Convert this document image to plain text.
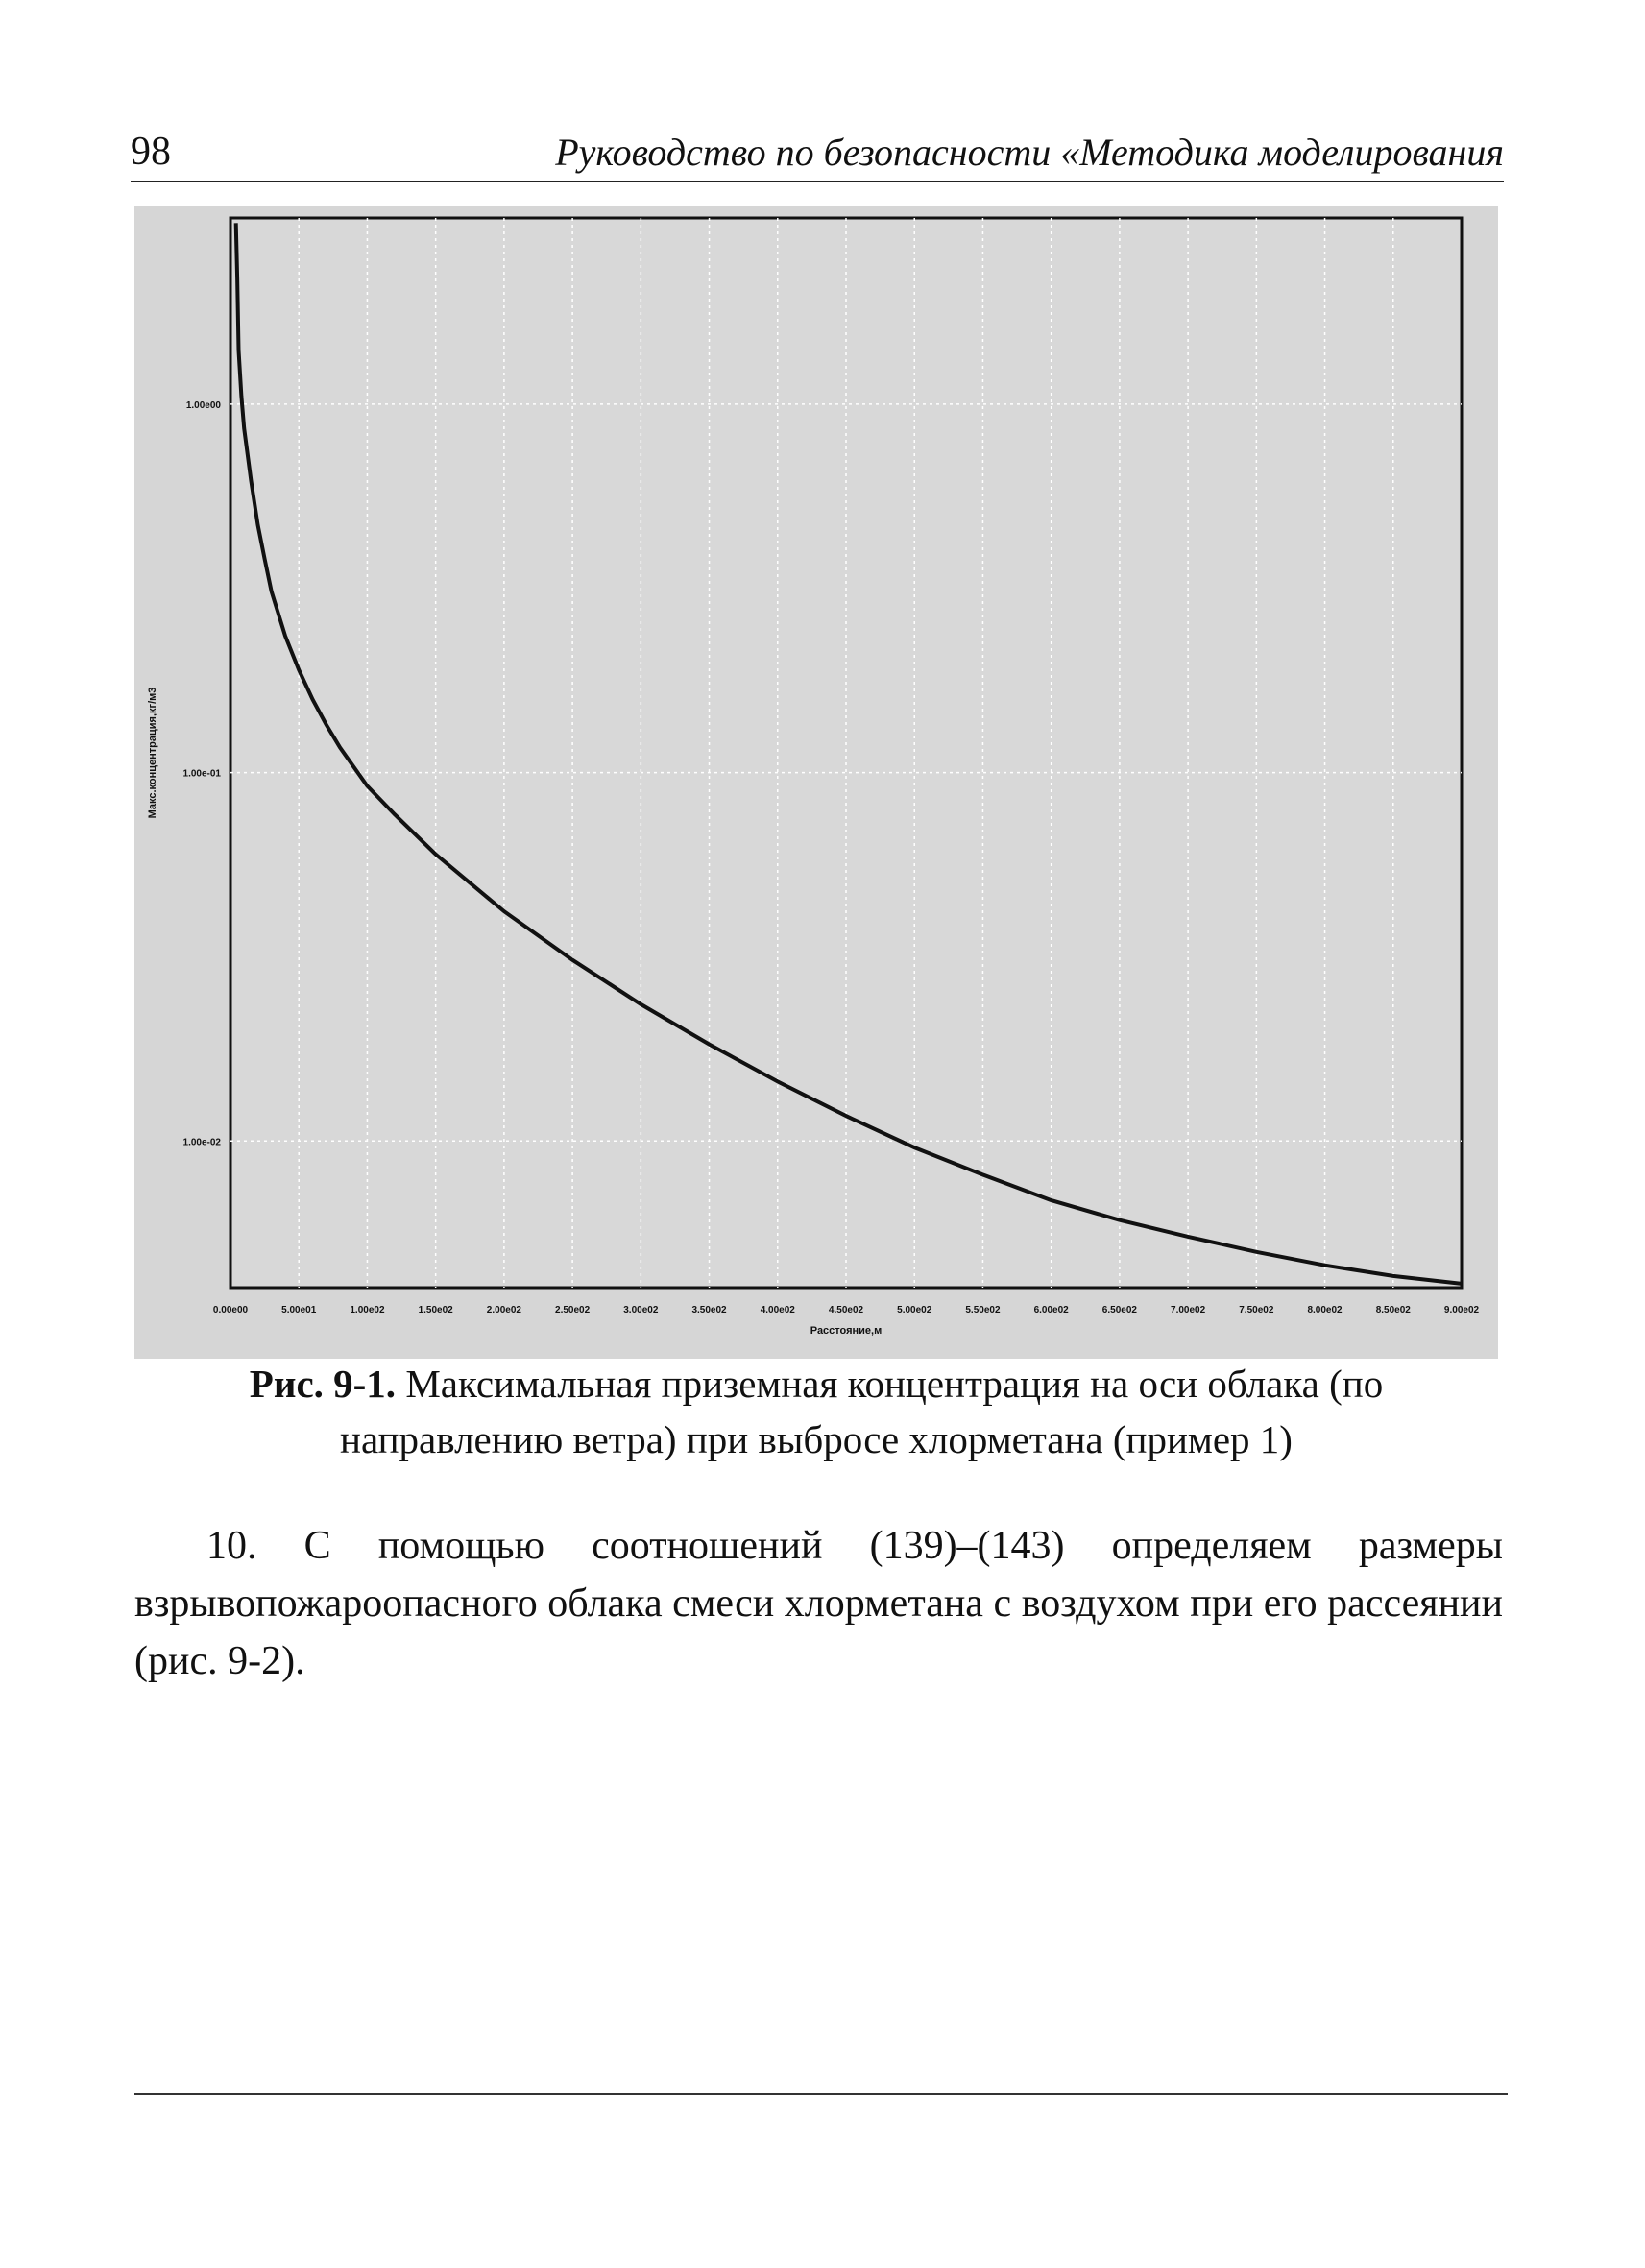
98	Руководство по безопасности «Методика моделирования
0.00e00	5.00e01	1.00e02	1.50e02	2.00e02	2.50e02	3.00e02	3.50e02	4.00e02	4.50e02	5.00e02	5.50e02	6.00e02	6.50e02	7.00e02	7.50e02	8.00e02	8.50e02	9.00e02
1.00e00
1.00e-01
1.00e-02
Расстояние,м
Макс.концентрация,кг/м3
Рис. 9-1. Максимальная приземная концентрация на оси облака (по направлению ветра) при выбросе хлорметана (пример 1)

10. С помощью соотношений (139)–(143) определяем размеры взрывопожароопасного облака смеси хлорметана с воздухом при его рассеянии (рис. 9-2).
